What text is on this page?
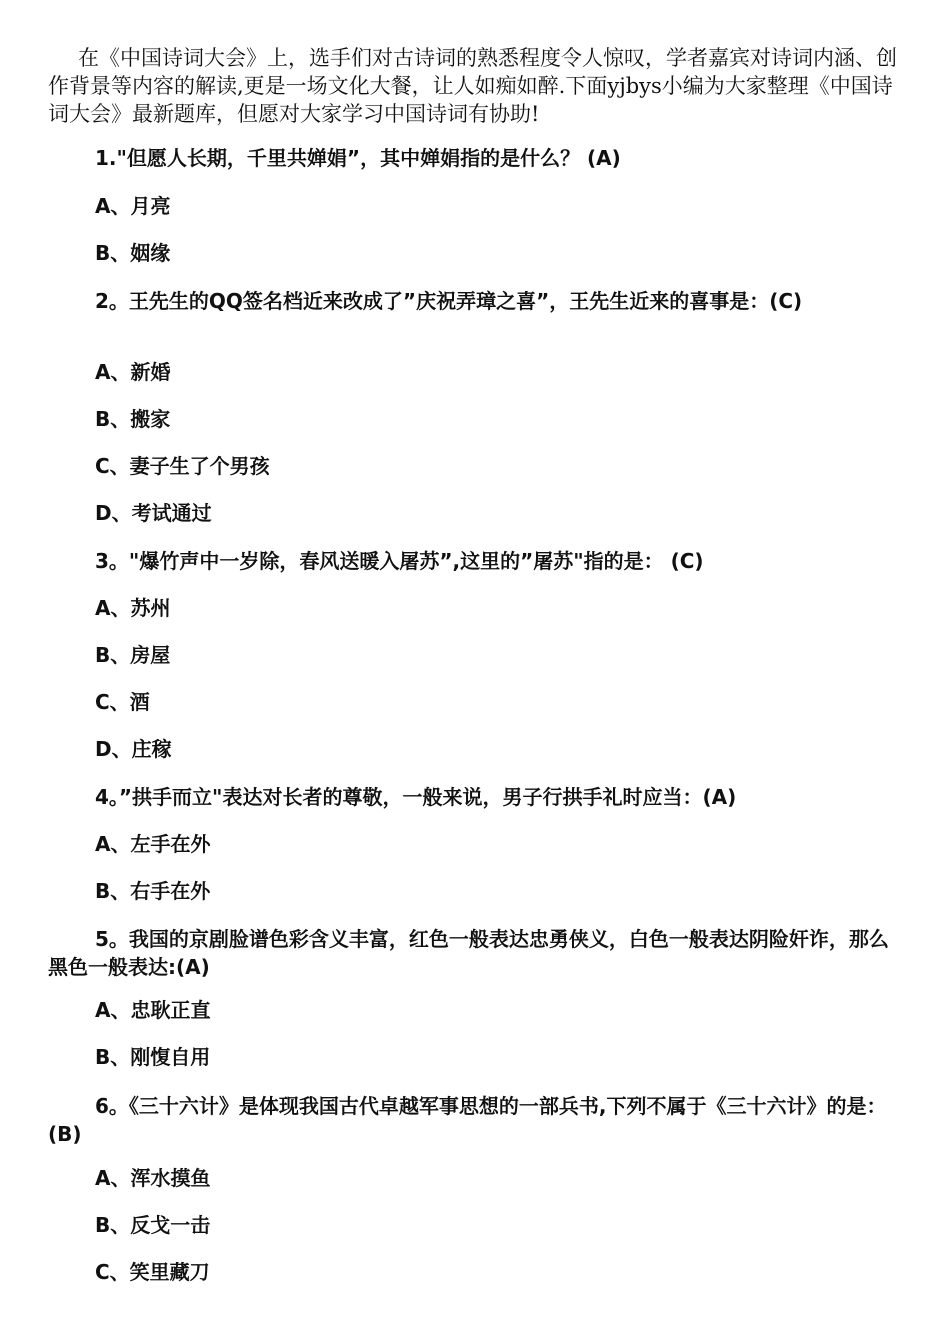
在《中国诗词大会》上，选手们对古诗词的熟悉程度令人惊叹，学者嘉宾对诗词内涵、创作背景等内容的解读,更是一场文化大餐，让人如痴如醉.下面yjbys小编为大家整理《中国诗词大会》最新题库，但愿对大家学习中国诗词有协助!

1."但愿人长期，千里共婵娟”，其中婵娟指的是什么？ (A)

A、月亮

B、姻缘

2。王先生的QQ签名档近来改成了”庆祝弄璋之喜”，王先生近来的喜事是：(C)

A、新婚

B、搬家

C、妻子生了个男孩

D、考试通过

3。"爆竹声中一岁除，春风送暖入屠苏”,这里的”屠苏"指的是： (C)

A、苏州

B、房屋

C、酒

D、庄稼

4。”拱手而立"表达对长者的尊敬，一般来说，男子行拱手礼时应当：(A)

A、左手在外

B、右手在外

5。我国的京剧脸谱色彩含义丰富，红色一般表达忠勇侠义，白色一般表达阴险奸诈，那么黑色一般表达:(A)

A、忠耿正直

B、刚愎自用

6。《三十六计》是体现我国古代卓越军事思想的一部兵书,下列不属于《三十六计》的是：(B)

A、浑水摸鱼

B、反戈一击

C、笑里藏刀
